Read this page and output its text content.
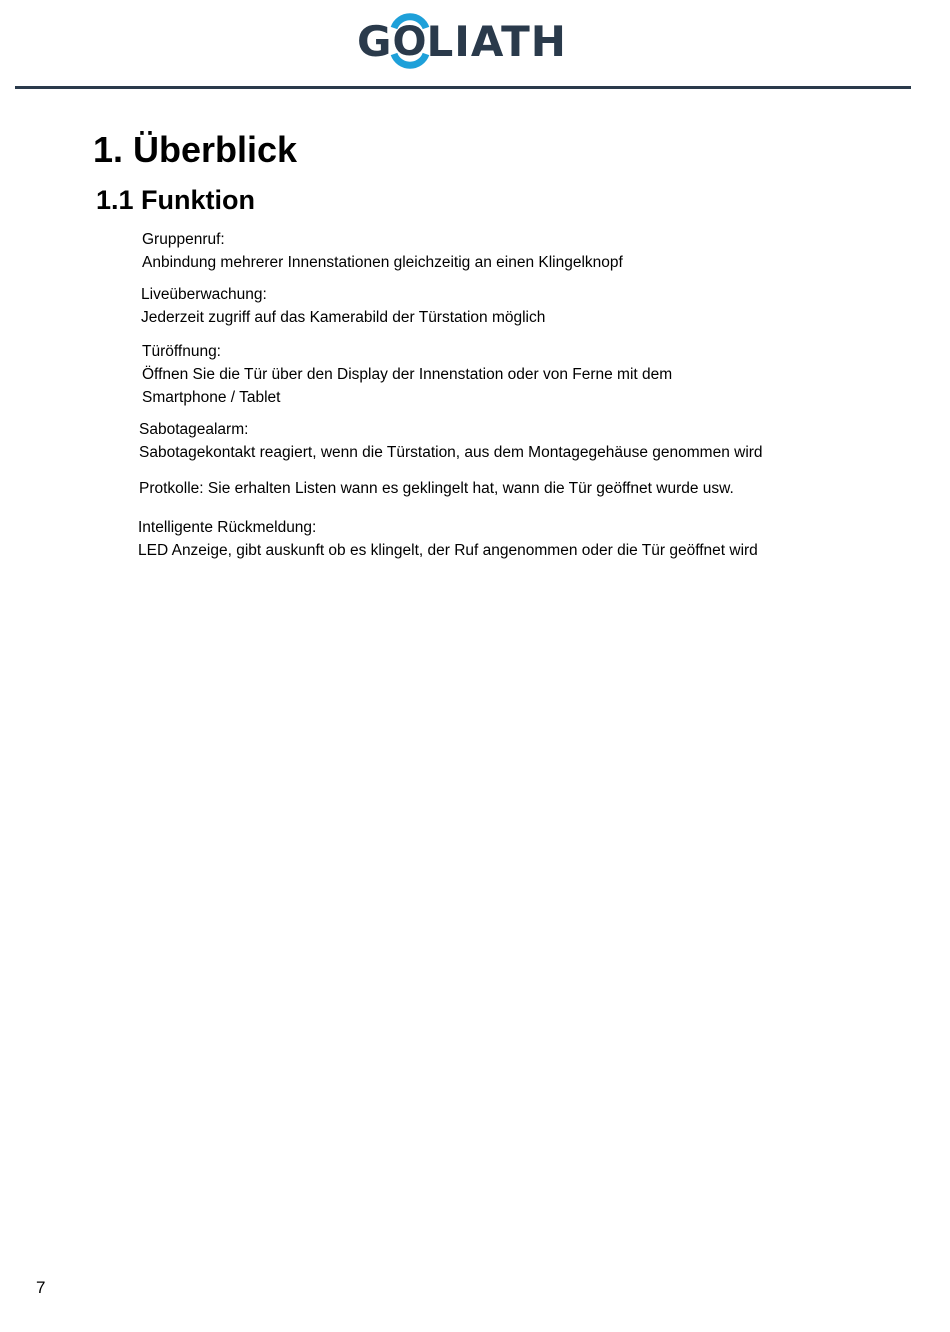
G O
LIATH
1. Überblick
1.1 Funktion
Gruppenruf:
Anbindung mehrerer Innenstationen gleichzeitig an einen Klingelknopf
Liveüberwachung:
Jederzeit zugriff auf das Kamerabild der Türstation möglich
Türöffnung:
Öffnen Sie die Tür über den Display der Innenstation oder von Ferne mit dem
Smartphone / Tablet
Sabotagealarm:
Sabotagekontakt reagiert, wenn die Türstation, aus dem Montagegehäuse genommen wird
Protkolle: Sie erhalten Listen wann es geklingelt hat, wann die Tür geöffnet wurde usw.
Intelligente Rückmeldung:
LED Anzeige, gibt auskunft ob es klingelt, der Ruf angenommen oder die Tür geöffnet wird
7
